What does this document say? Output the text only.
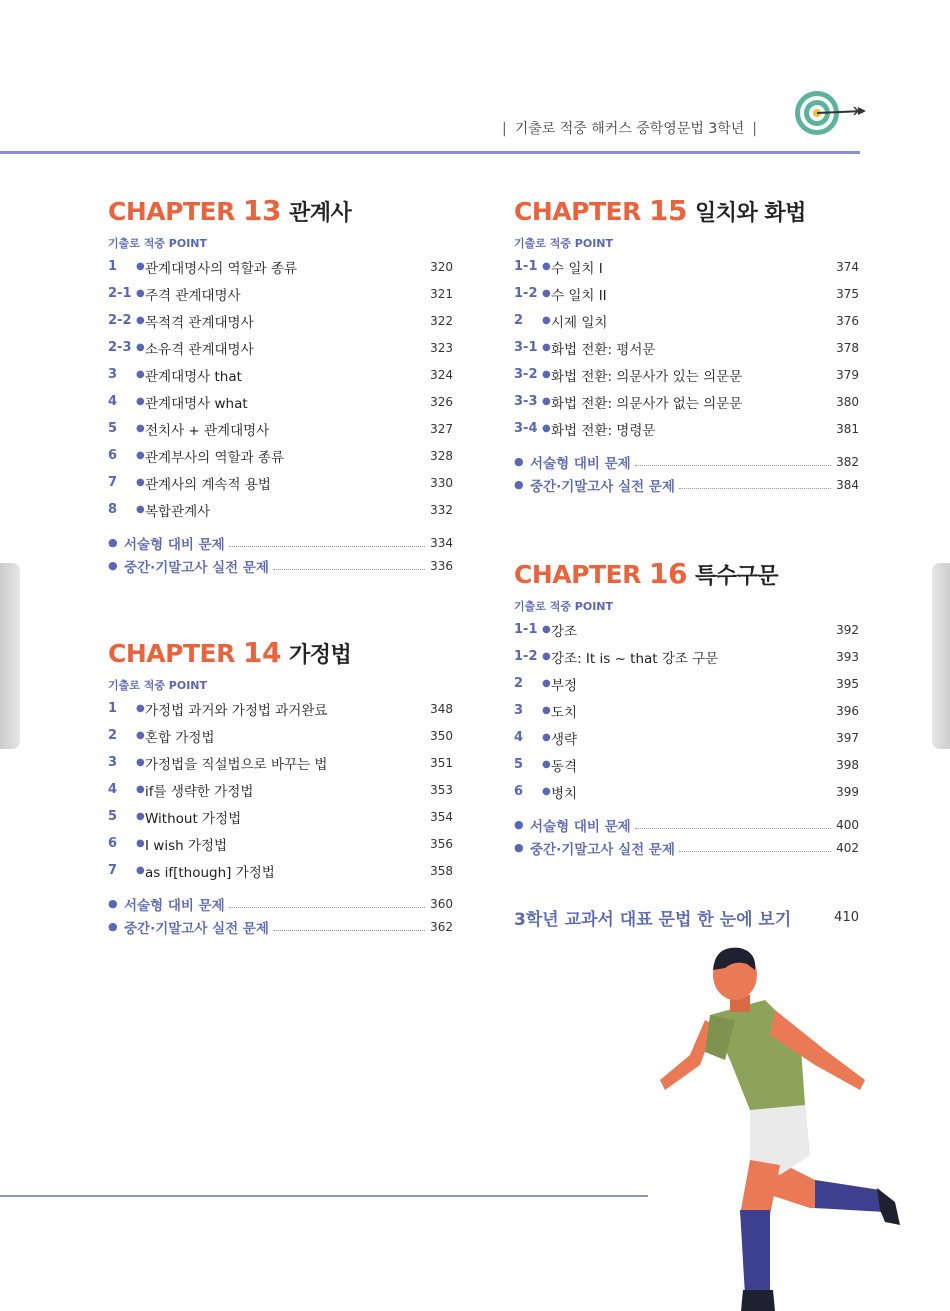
| 기출로 적중 해커스 중학영문법 3학년 |
CHAPTER 13 관계사
기출로 적중 POINT
1	● 관계대명사의 역할과 종류	320
2-1 ● 주격 관계대명사	321
2-2 ● 목적격 관계대명사	322
2-3 ● 소유격 관계대명사	323
3	● 관계대명사 that	324
4	● 관계대명사 what	326
5	● 전치사 + 관계대명사	327
6	● 관계부사의 역할과 종류	328
7	● 관계사의 계속적 용법	330
8	● 복합관계사	332
● 서술형 대비 문제	334
● 중간·기말고사 실전 문제	336
CHAPTER 14 가정법
기출로 적중 POINT
1	● 가정법 과거와 가정법 과거완료	348
2	● 혼합 가정법	350
3	● 가정법을 직설법으로 바꾸는 법	351
4	● if를 생략한 가정법	353
5	● Without 가정법	354
6	● I wish 가정법	356
7	● as if[though] 가정법	358
● 서술형 대비 문제	360
● 중간·기말고사 실전 문제	362
CHAPTER 15 일치와 화법
기출로 적중 POINT
1-1 ● 수 일치 I	374
1-2 ● 수 일치 II	375
2	● 시제 일치	376
3-1 ● 화법 전환: 평서문	378
3-2 ● 화법 전환: 의문사가 있는 의문문	379
3-3 ● 화법 전환: 의문사가 없는 의문문	380
3-4 ● 화법 전환: 명령문	381
● 서술형 대비 문제	382
● 중간·기말고사 실전 문제	384
CHAPTER 16 특수구문
기출로 적중 POINT
1-1 ● 강조	392
1-2 ● 강조: It is ~ that 강조 구문	393
2	● 부정	395
3	● 도치	396
4	● 생략	397
5	● 동격	398
6	● 병치	399
● 서술형 대비 문제	400
● 중간·기말고사 실전 문제	402
3학년 교과서 대표 문법 한 눈에 보기	410
